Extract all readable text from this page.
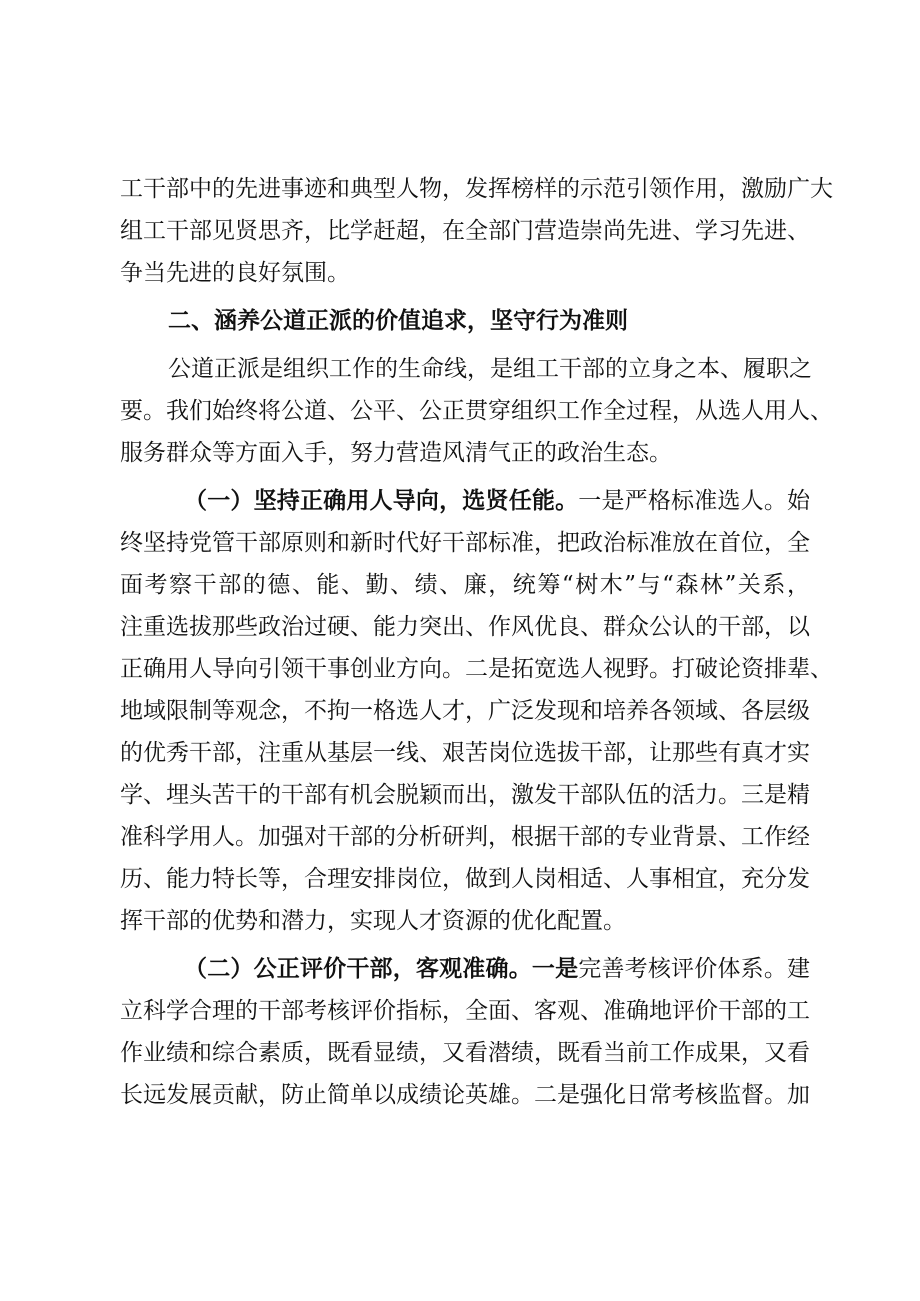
工干部中的先进事迹和典型人物，发挥榜样的示范引领作用，激励广大
组工干部见贤思齐，比学赶超，在全部门营造崇尚先进、学习先进、
争当先进的良好氛围。
二、涵养公道正派的价值追求，坚守行为准则
公道正派是组织工作的生命线，是组工干部的立身之本、履职之
要。我们始终将公道、公平、公正贯穿组织工作全过程，从选人用人、
服务群众等方面入手，努力营造风清气正的政治生态。
（一）坚持正确用人导向，选贤任能。一是严格标准选人。始
终坚持党管干部原则和新时代好干部标准，把政治标准放在首位，全
面考察干部的德、能、勤、绩、廉，统筹“树木”与“森林”关系，
注重选拔那些政治过硬、能力突出、作风优良、群众公认的干部，以
正确用人导向引领干事创业方向。二是拓宽选人视野。打破论资排辈、
地域限制等观念，不拘一格选人才，广泛发现和培养各领域、各层级
的优秀干部，注重从基层一线、艰苦岗位选拔干部，让那些有真才实
学、埋头苦干的干部有机会脱颖而出，激发干部队伍的活力。三是精
准科学用人。加强对干部的分析研判，根据干部的专业背景、工作经
历、能力特长等，合理安排岗位，做到人岗相适、人事相宜，充分发
挥干部的优势和潜力，实现人才资源的优化配置。
（二）公正评价干部，客观准确。一是完善考核评价体系。建
立科学合理的干部考核评价指标，全面、客观、准确地评价干部的工
作业绩和综合素质，既看显绩，又看潜绩，既看当前工作成果，又看
长远发展贡献，防止简单以成绩论英雄。二是强化日常考核监督。加
